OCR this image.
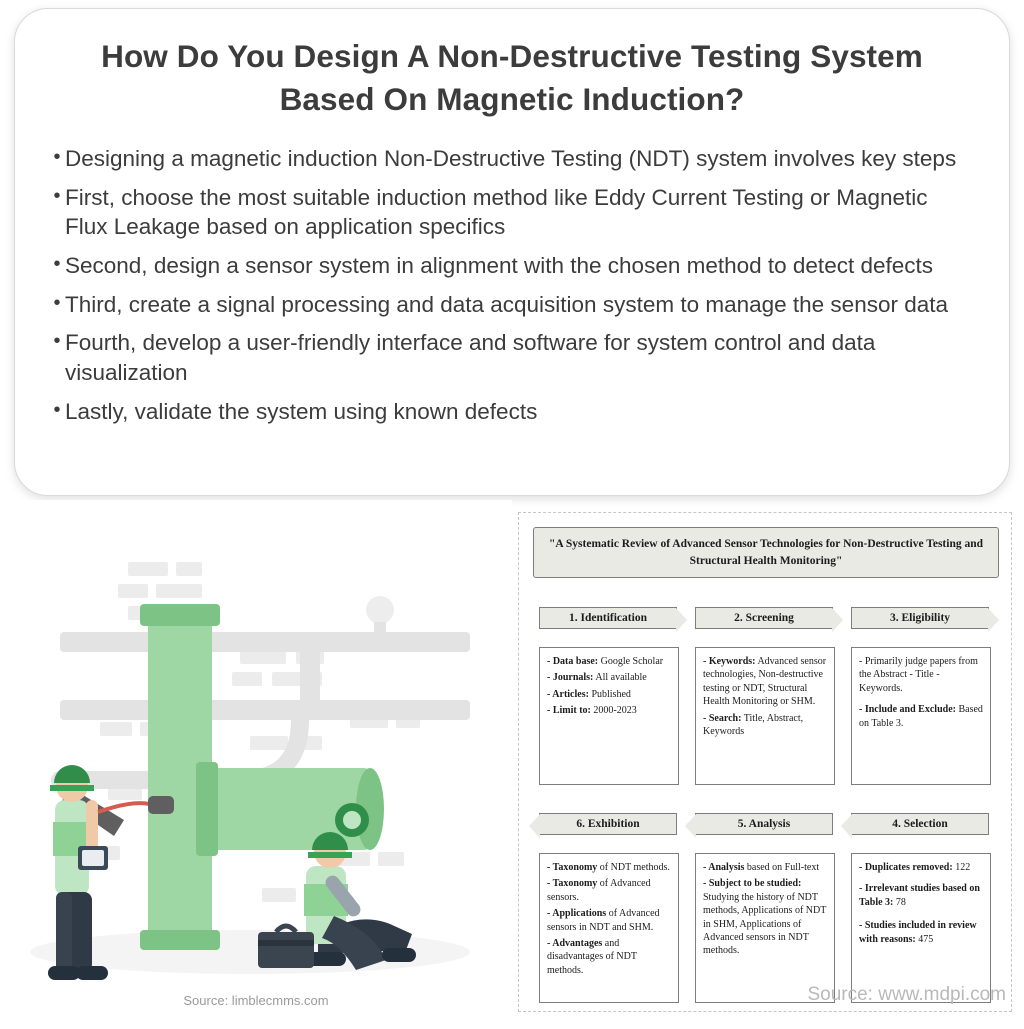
How Do You Design A Non-Destructive Testing System Based On Magnetic Induction?
• Designing a magnetic induction Non-Destructive Testing (NDT) system involves key steps
• First, choose the most suitable induction method like Eddy Current Testing or Magnetic Flux Leakage based on application specifics
• Second, design a sensor system in alignment with the chosen method to detect defects
• Third, create a signal processing and data acquisition system to manage the sensor data
• Fourth, develop a user-friendly interface and software for system control and data visualization
• Lastly, validate the system using known defects
Source: limblecmms.com
"A Systematic Review of Advanced Sensor Technologies for Non-Destructive Testing and Structural Health Monitoring"
1. Identification	2. Screening	3. Eligibility

- Data base: Google Scholar

- Journals: All available

- Articles: Published

- Limit to: 2000-2023

- Keywords: Advanced sensor technologies, Non-destructive testing or NDT, Structural Health Monitoring or SHM.

- Search: Title, Abstract, Keywords

- Primarily judge papers from the Abstract - Title - Keywords.

- Include and Exclude: Based on Table 3.

6. Exhibition	5. Analysis	4. Selection

- Taxonomy of NDT methods.

- Taxonomy of Advanced sensors.

- Applications of Advanced sensors in NDT and SHM.

- Advantages and disadvantages of NDT methods.

- Analysis based on Full-text

- Subject to be studied: Studying the history of NDT methods, Applications of NDT in SHM, Applications of Advanced sensors in NDT methods.

- Duplicates removed: 122

- Irrelevant studies based on Table 3: 78

- Studies included in review with reasons: 475

Source: www.mdpi.com
